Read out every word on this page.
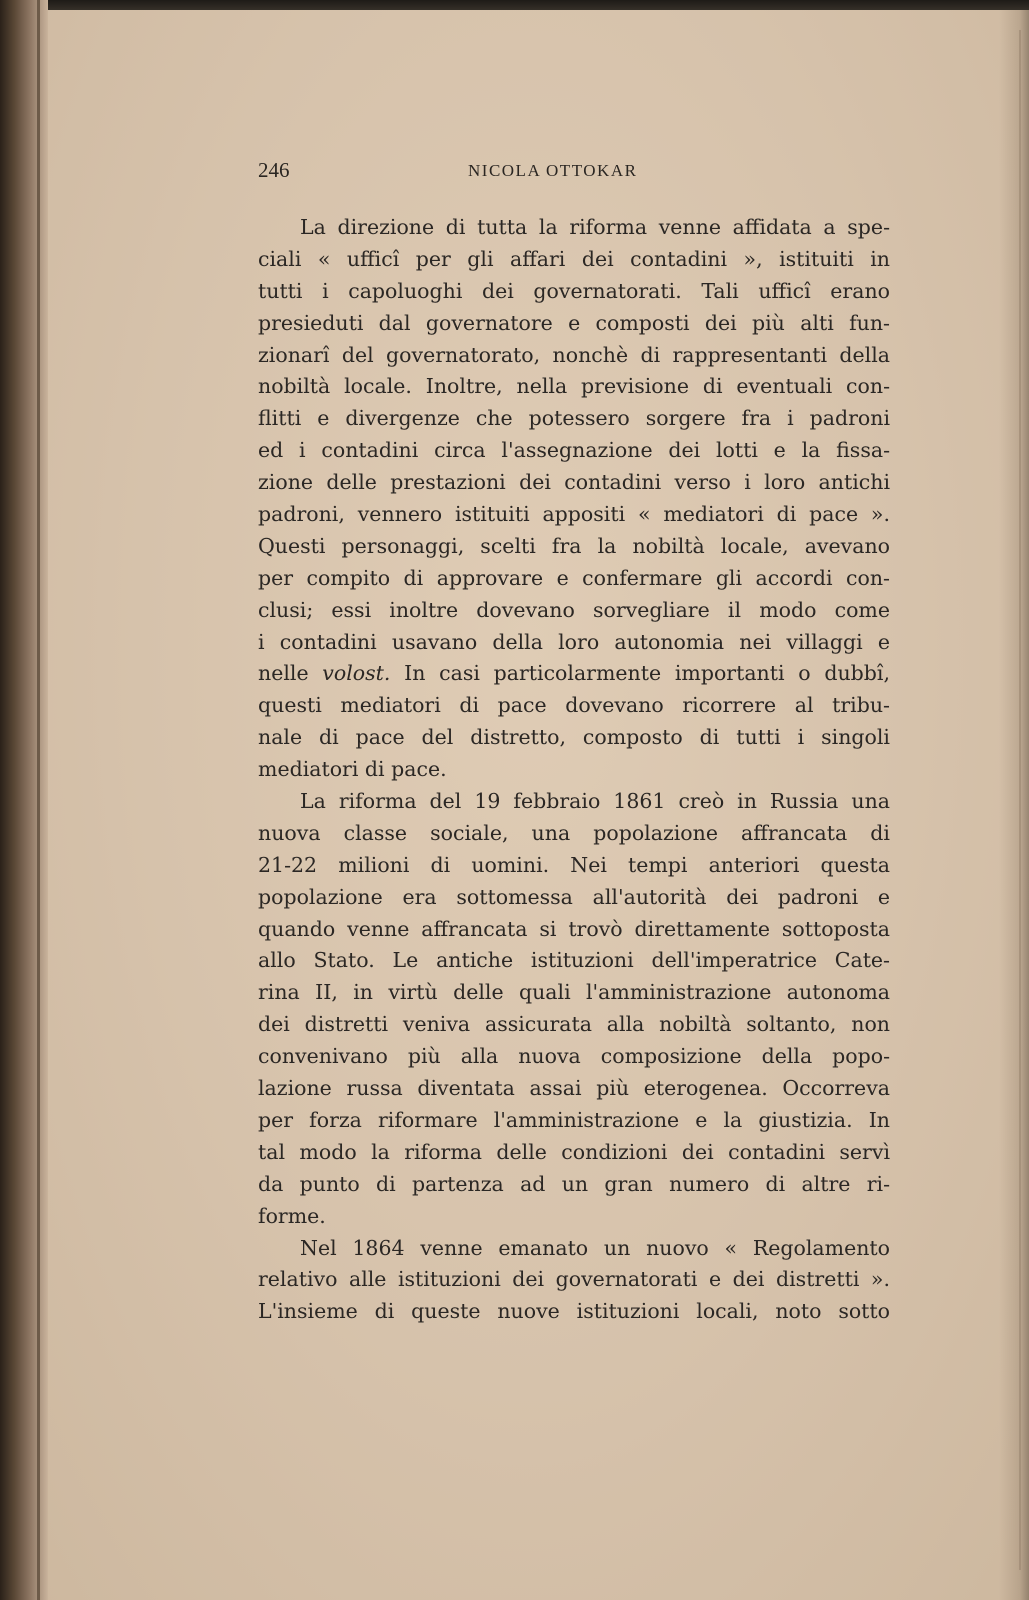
246	NICOLA OTTOKAR
La direzione di tutta la riforma venne affidata a spe-
ciali « ufficî per gli affari dei contadini », istituiti in
tutti i capoluoghi dei governatorati. Tali ufficî erano
presieduti dal governatore e composti dei più alti fun-
zionarî del governatorato, nonchè di rappresentanti della
nobiltà locale. Inoltre, nella previsione di eventuali con-
flitti e divergenze che potessero sorgere fra i padroni
ed i contadini circa l'assegnazione dei lotti e la fissa-
zione delle prestazioni dei contadini verso i loro antichi
padroni, vennero istituiti appositi « mediatori di pace ».
Questi personaggi, scelti fra la nobiltà locale, avevano
per compito di approvare e confermare gli accordi con-
clusi; essi inoltre dovevano sorvegliare il modo come
i contadini usavano della loro autonomia nei villaggi e
nelle volost. In casi particolarmente importanti o dubbî,
questi mediatori di pace dovevano ricorrere al tribu-
nale di pace del distretto, composto di tutti i singoli
mediatori di pace.
La riforma del 19 febbraio 1861 creò in Russia una
nuova classe sociale, una popolazione affrancata di
21-22 milioni di uomini. Nei tempi anteriori questa
popolazione era sottomessa all'autorità dei padroni e
quando venne affrancata si trovò direttamente sottoposta
allo Stato. Le antiche istituzioni dell'imperatrice Cate-
rina II, in virtù delle quali l'amministrazione autonoma
dei distretti veniva assicurata alla nobiltà soltanto, non
convenivano più alla nuova composizione della popo-
lazione russa diventata assai più eterogenea. Occorreva
per forza riformare l'amministrazione e la giustizia. In
tal modo la riforma delle condizioni dei contadini servì
da punto di partenza ad un gran numero di altre ri-
forme.
Nel 1864 venne emanato un nuovo « Regolamento
relativo alle istituzioni dei governatorati e dei distretti ».
L'insieme di queste nuove istituzioni locali, noto sotto
